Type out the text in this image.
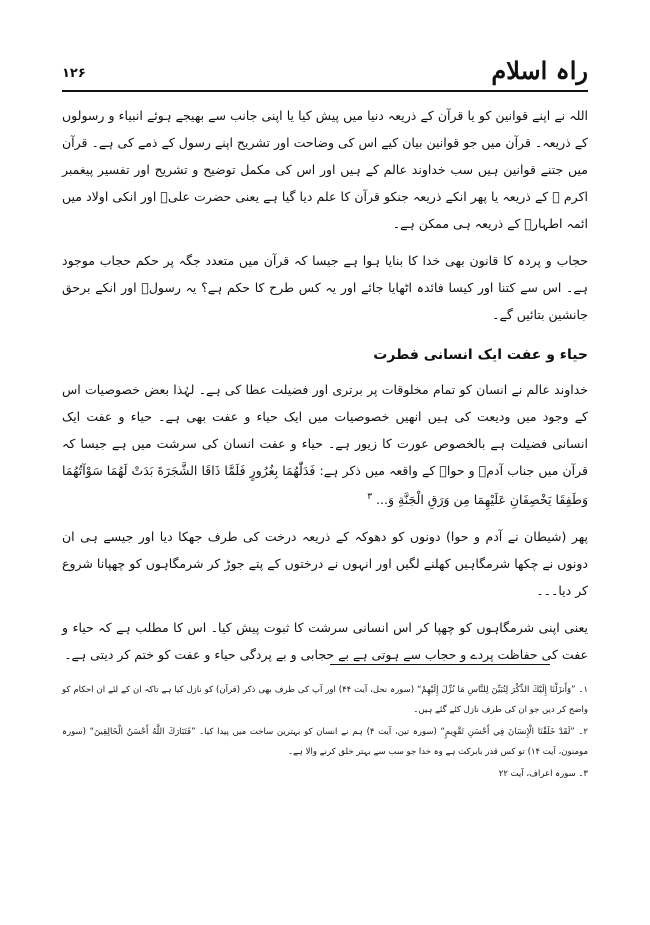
راہ اسلام
۱۲۶

اللہ نے اپنے قوانین کو یا قرآن کے ذریعہ دنیا میں پیش کیا یا اپنی جانب سے بھیجے ہوئے انبیاء و رسولوں کے ذریعہ۔ قرآن میں جو قوانین بیان کیے اس کی وضاحت اور تشریح اپنے رسول کے ذمے کی ہے۔ قرآن میں جتنے قوانین ہیں سب خداوند عالم کے ہیں اور اس کی مکمل توضیح و تشریح اور تفسیر پیغمبر اکرم ﷺ کے ذریعہ یا پھر انکے ذریعہ جنکو قرآن کا علم دیا گیا ہے یعنی حضرت علیؑ اور انکی اولاد میں ائمہ اطہارؑ کے ذریعہ ہی ممکن ہے۔

حجاب و پردہ کا قانون بھی خدا کا بنایا ہوا ہے جیسا کہ قرآن میں متعدد جگہ پر حکم حجاب موجود ہے۔ اس سے کتنا اور کیسا فائدہ اٹھایا جائے اور یہ کس طرح کا حکم ہے؟ یہ رسولؐ اور انکے برحق جانشین بتائیں گے۔

حیاء و عفت ایک انسانی فطرت

خداوند عالم نے انسان کو تمام مخلوقات پر برتری اور فضیلت عطا کی ہے۔ لہٰذا بعض خصوصیات اس کے وجود میں ودیعت کی ہیں انھیں خصوصیات میں ایک حیاء و عفت بھی ہے۔ حیاء و عفت ایک انسانی فضیلت ہے بالخصوص عورت کا زیور ہے۔ حیاء و عفت انسان کی سرشت میں ہے جیسا کہ قرآن میں جناب آدمؑ و حواؑ کے واقعہ میں ذکر ہے: فَدَلّٰهُمَا بِغُرُورٍ فَلَمَّا ذَاقَا الشَّجَرَةَ بَدَتْ لَهُمَا سَوْآتُهُمَا وَطَفِقَا يَخْصِفَانِ عَلَيْهِمَا مِن وَرَقِ الْجَنَّةِ وَ... $^۳$

پھر (شیطان نے آدم و حوا) دونوں کو دھوکہ کے ذریعہ درخت کی طرف جھکا دیا اور جیسے ہی ان دونوں نے چکھا شرمگاہیں کھلنے لگیں اور انہوں نے درختوں کے پتے جوڑ کر شرمگاہوں کو چھپانا شروع کر دیا۔۔۔

یعنی اپنی شرمگاہوں کو چھپا کر اس انسانی سرشت کا ثبوت پیش کیا۔ اس کا مطلب ہے کہ حیاء و عفت کی حفاظت پردے و حجاب سے ہوتی ہے بے حجابی و بے پردگی حیاء و عفت کو ختم کر دیتی ہے۔

۱۔ ”وَأَنزَلْنَا إِلَيْكَ الذِّكْرَ لِتُبَيِّنَ لِلنَّاسِ مَا نُزِّلَ إِلَيْهِمْ“ (سورہ نحل، آیت ۴۴) اور آپ کی طرف بھی ذکر (قرآن) کو نازل کیا ہے تاکہ ان کے لئے ان احکام کو واضح کر دیں جو ان کی طرف نازل کئے گئے ہیں۔

۲۔ ”لَقَدْ خَلَقْنَا الْإِنسَانَ فِي أَحْسَنِ تَقْوِيمٍ“ (سورہ تین، آیت ۴) ہم نے انسان کو بہترین ساخت میں پیدا کیا۔ ”فَتَبَارَكَ اللَّهُ أَحْسَنُ الْخَالِقِينَ“ (سورہ مومنون، آیت ۱۴) تو کس قدر بابرکت ہے وہ خدا جو سب سے بہتر خلق کرنے والا ہے۔

۳۔ سورہ اعراف، آیت ۲۲
